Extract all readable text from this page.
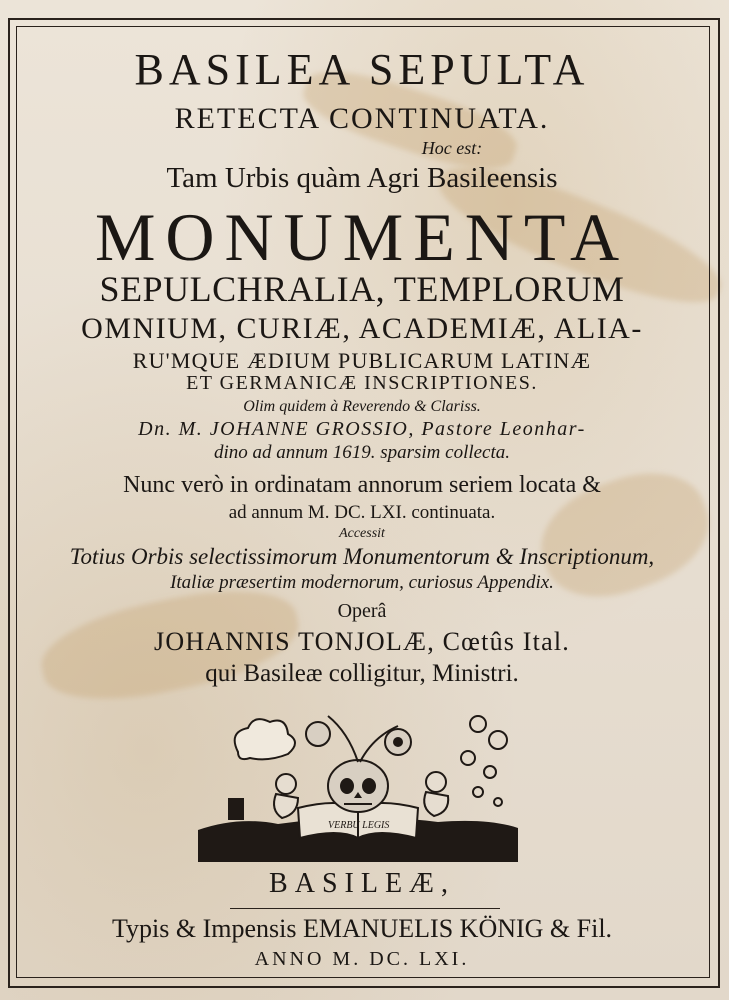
BASILEA SEPULTA
RETECTA CONTINUATA.
Hoc est:
Tam Urbis quàm Agri Basileensis
MONUMENTA
SEPULCHRALIA, TEMPLORUM
OMNIUM, CURIÆ, ACADEMIÆ, ALIA-
RU'MQUE ÆDIUM PUBLICARUM LATINÆ
ET GERMANICÆ INSCRIPTIONES.
Olim quidem à Reverendo & Clariss.
Dn. M. JOHANNE GROSSIO, Pastore Leonhar-
dino ad annum 1619. sparsim collecta.
Nunc verò in ordinatam annorum seriem locata &
ad annum M. DC. LXI. continuata.
Accessit
Totius Orbis selectissimorum Monumentorum & Inscriptionum,
Italiæ præsertim modernorum, curiosus Appendix.
Operâ
JOHANNIS TONJOLÆ, Cœtûs Ital.
qui Basileæ colligitur, Ministri.
VERBU LEGIS
BASILEÆ,
Typis & Impensis EMANUELIS KÖNIG & Fil.
ANNO M. DC. LXI.
